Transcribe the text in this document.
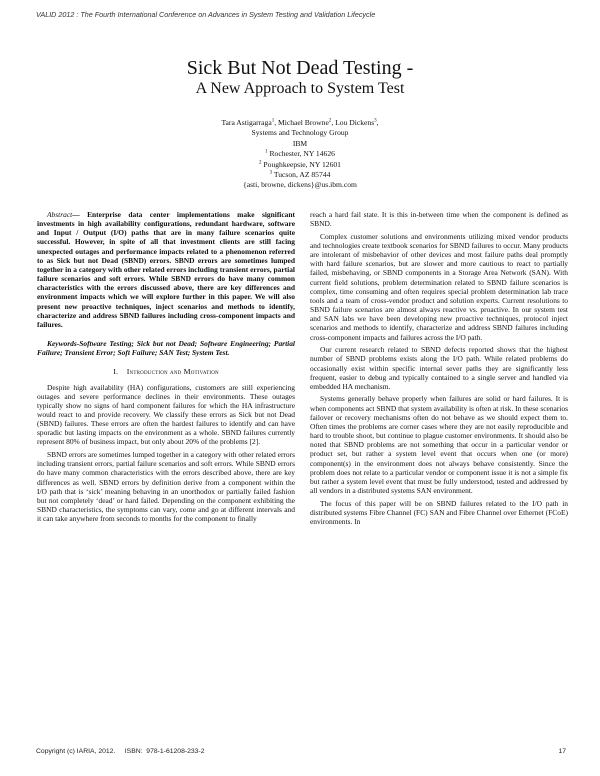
VALID 2012 : The Fourth International Conference on Advances in System Testing and Validation Lifecycle
Sick But Not Dead Testing -
A New Approach to System Test
Tara Astigarraga$^1$, Michael Browne$^2$, Lou Dickens$^3$,
Systems and Technology Group
IBM
$^1$ Rochester, NY 14626
$^2$ Poughkeepsie, NY 12601
$^3$ Tucson, AZ 85744
{asti, browne, dickens}@us.ibm.com

Abstract— Enterprise data center implementations make significant investments in high availability configurations, redundant hardware, software and Input / Output (I/O) paths that are in many failure scenarios quite successful. However, in spite of all that investment clients are still facing unexpected outages and performance impacts related to a phenomenon referred to as Sick but not Dead (SBND) errors. SBND errors are sometimes lumped together in a category with other related errors including transient errors, partial failure scenarios and soft errors. While SBND errors do have many common characteristics with the errors discussed above, there are key differences and environment impacts which we will explore further in this paper. We will also present new proactive techniques, inject scenarios and methods to identify, characterize and address SBND failures including cross-component impacts and failures.

Keywords-Software Testing; Sick but not Dead; Software Engineering; Partial Failure; Transient Error; Soft Failure; SAN Test; System Test.

I. Introduction and Motivation

Despite high availability (HA) configurations, customers are still experiencing outages and severe performance declines in their environments. These outages typically show no signs of hard component failures for which the HA infrastructure would react to and provide recovery. We classify these errors as Sick but not Dead (SBND) failures. These errors are often the hardest failures to identify and can have sporadic but lasting impacts on the environment as a whole. SBND failures currently represent 80% of business impact, but only about 20% of the problems [2].

SBND errors are sometimes lumped together in a category with other related errors including transient errors, partial failure scenarios and soft errors. While SBND errors do have many common characteristics with the errors described above, there are key differences as well. SBND errors by definition derive from a component within the I/O path that is ‘sick’ meaning behaving in an unorthodox or partially failed fashion but not completely ‘dead’ or hard failed. Depending on the component exhibiting the SBND characteristics, the symptoms can vary, come and go at different intervals and it can take anywhere from seconds to months for the component to finally

reach a hard fail state. It is this in-between time when the component is defined as SBND.

Complex customer solutions and environments utilizing mixed vendor products and technologies create textbook scenarios for SBND failures to occur. Many products are intolerant of misbehavior of other devices and most failure paths deal promptly with hard failure scenarios, but are slower and more cautious to react to partially failed, misbehaving, or SBND components in a Storage Area Network (SAN). With current field solutions, problem determination related to SBND failure scenarios is complex, time consuming and often requires special problem determination lab trace tools and a team of cross-vendor product and solution experts. Current resolutions to SBND failure scenarios are almost always reactive vs. proactive. In our system test and SAN labs we have been developing new proactive techniques, protocol inject scenarios and methods to identify, characterize and address SBND failures including cross-component impacts and failures across the I/O path.

Our current research related to SBND defects reported shows that the highest number of SBND problems exists along the I/O path. While related problems do occasionally exist within specific internal sever paths they are significantly less frequent, easier to debug and typically contained to a single server and handled via embedded HA mechanism.

Systems generally behave properly when failures are solid or hard failures. It is when components act SBND that system availability is often at risk. In these scenarios failover or recovery mechanisms often do not behave as we should expect them to. Often times the problems are corner cases where they are not easily reproducible and hard to trouble shoot, but continue to plague customer environments. It should also be noted that SBND problems are not something that occur in a particular vendor or product set, but rather a system level event that occurs when one (or more) component(s) in the environment does not always behave consistently. Since the problem does not relate to a particular vendor or component issue it is not a simple fix but rather a system level event that must be fully understood, tested and addressed by all vendors in a distributed systems SAN environment.

The focus of this paper will be on SBND failures related to the I/O path in distributed systems Fibre Channel (FC) SAN and Fibre Channel over Ethernet (FCoE) environments. In

Copyright (c) IARIA, 2012.     ISBN:  978-1-61208-233-2	17
